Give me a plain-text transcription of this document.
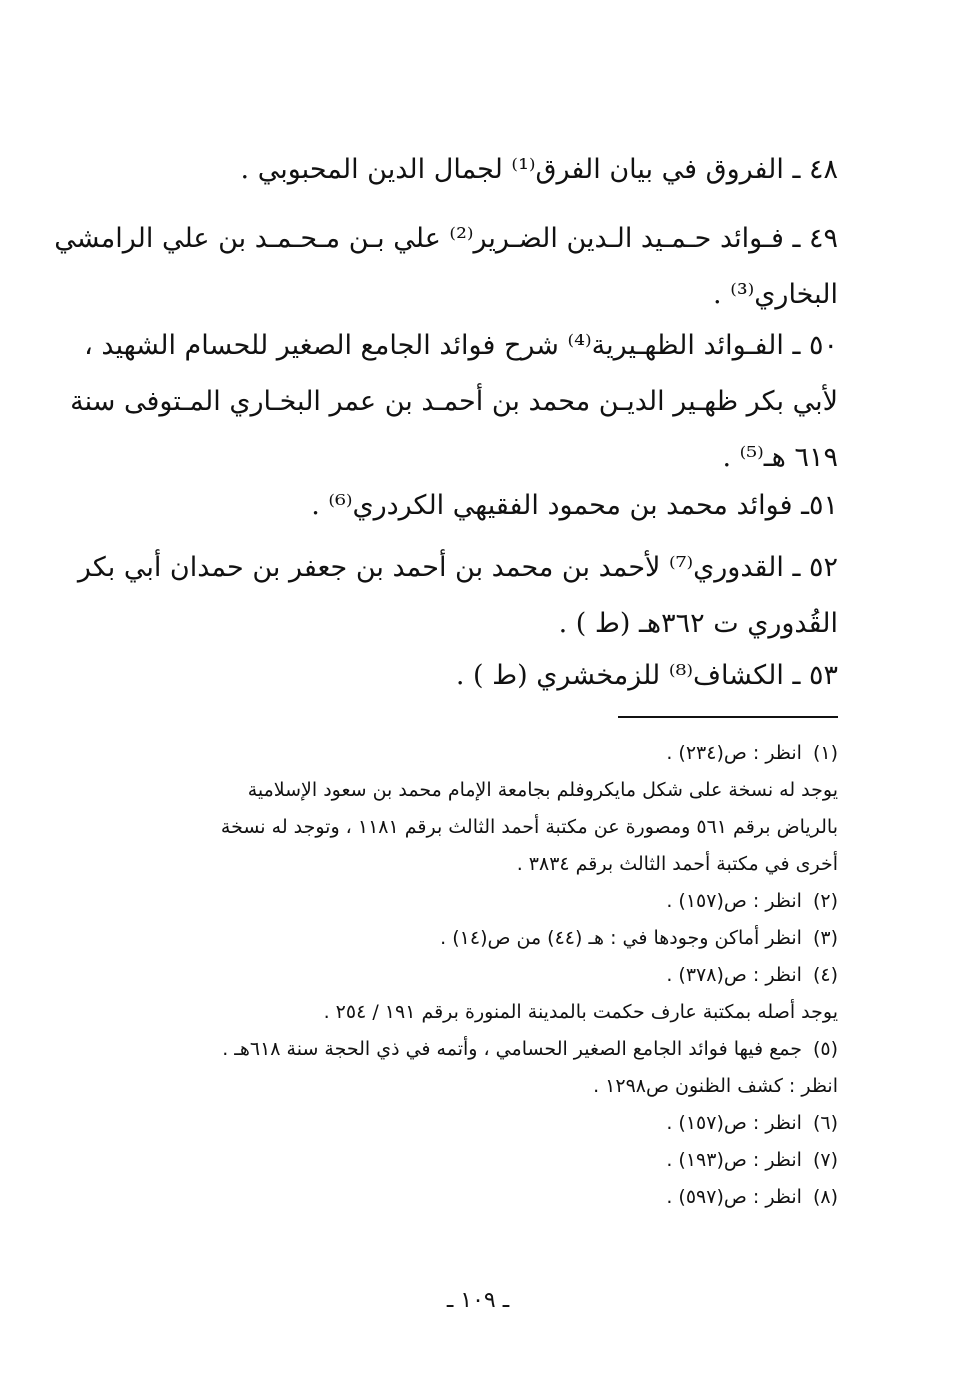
٤٨ ـ الفروق في بيان الفرق⁽¹⁾ لجمال الدين المحبوبي .
٤٩ ـ فـوائد حـمـيد الـدين الضـرير⁽²⁾ علي بـن مـحـمـد بن علي الرامشي
البخاري⁽³⁾ .
٥٠ ـ الفـوائد الظهـيرية⁽⁴⁾ شرح فوائد الجامع الصغير للحسام الشهيد ،
لأبي بكر ظهـير الديـن محمد بن أحمـد بن عمر البخـاري المـتوفى سنة
٦١٩ هـ⁽⁵⁾ .
٥١ـ فوائد محمد بن محمود الفقيهي الكردري⁽⁶⁾ .
٥٢ ـ القدوري⁽⁷⁾ لأحمد بن محمد بن أحمد بن جعفر بن حمدان أبي بكر
القُدوري ت ٣٦٢هـ (ط ) .
٥٣ ـ الكشاف⁽⁸⁾ للزمخشري (ط ) .
(١) انظر : ص(٢٣٤) .
يوجد له نسخة على شكل مايكروفلم بجامعة الإمام محمد بن سعود الإسلامية
بالرياض برقم ٥٦١ ومصورة عن مكتبة أحمد الثالث برقم ١١٨١ ، وتوجد له نسخة
أخرى في مكتبة أحمد الثالث برقم ٣٨٣٤ .
(٢) انظر : ص(١٥٧) .
(٣) انظر أماكن وجودها في : هـ (٤٤) من ص(١٤) .
(٤) انظر : ص(٣٧٨) .
يوجد أصله بمكتبة عارف حكمت بالمدينة المنورة برقم ١٩١ / ٢٥٤ .
(٥) جمع فيها فوائد الجامع الصغير الحسامي ، وأتمه في ذي الحجة سنة ٦١٨هـ .
انظر : كشف الظنون ص١٢٩٨ .
(٦) انظر : ص(١٥٧) .
(٧) انظر : ص(١٩٣) .
(٨) انظر : ص(٥٩٧) .
ـ ١٠٩ ـ
